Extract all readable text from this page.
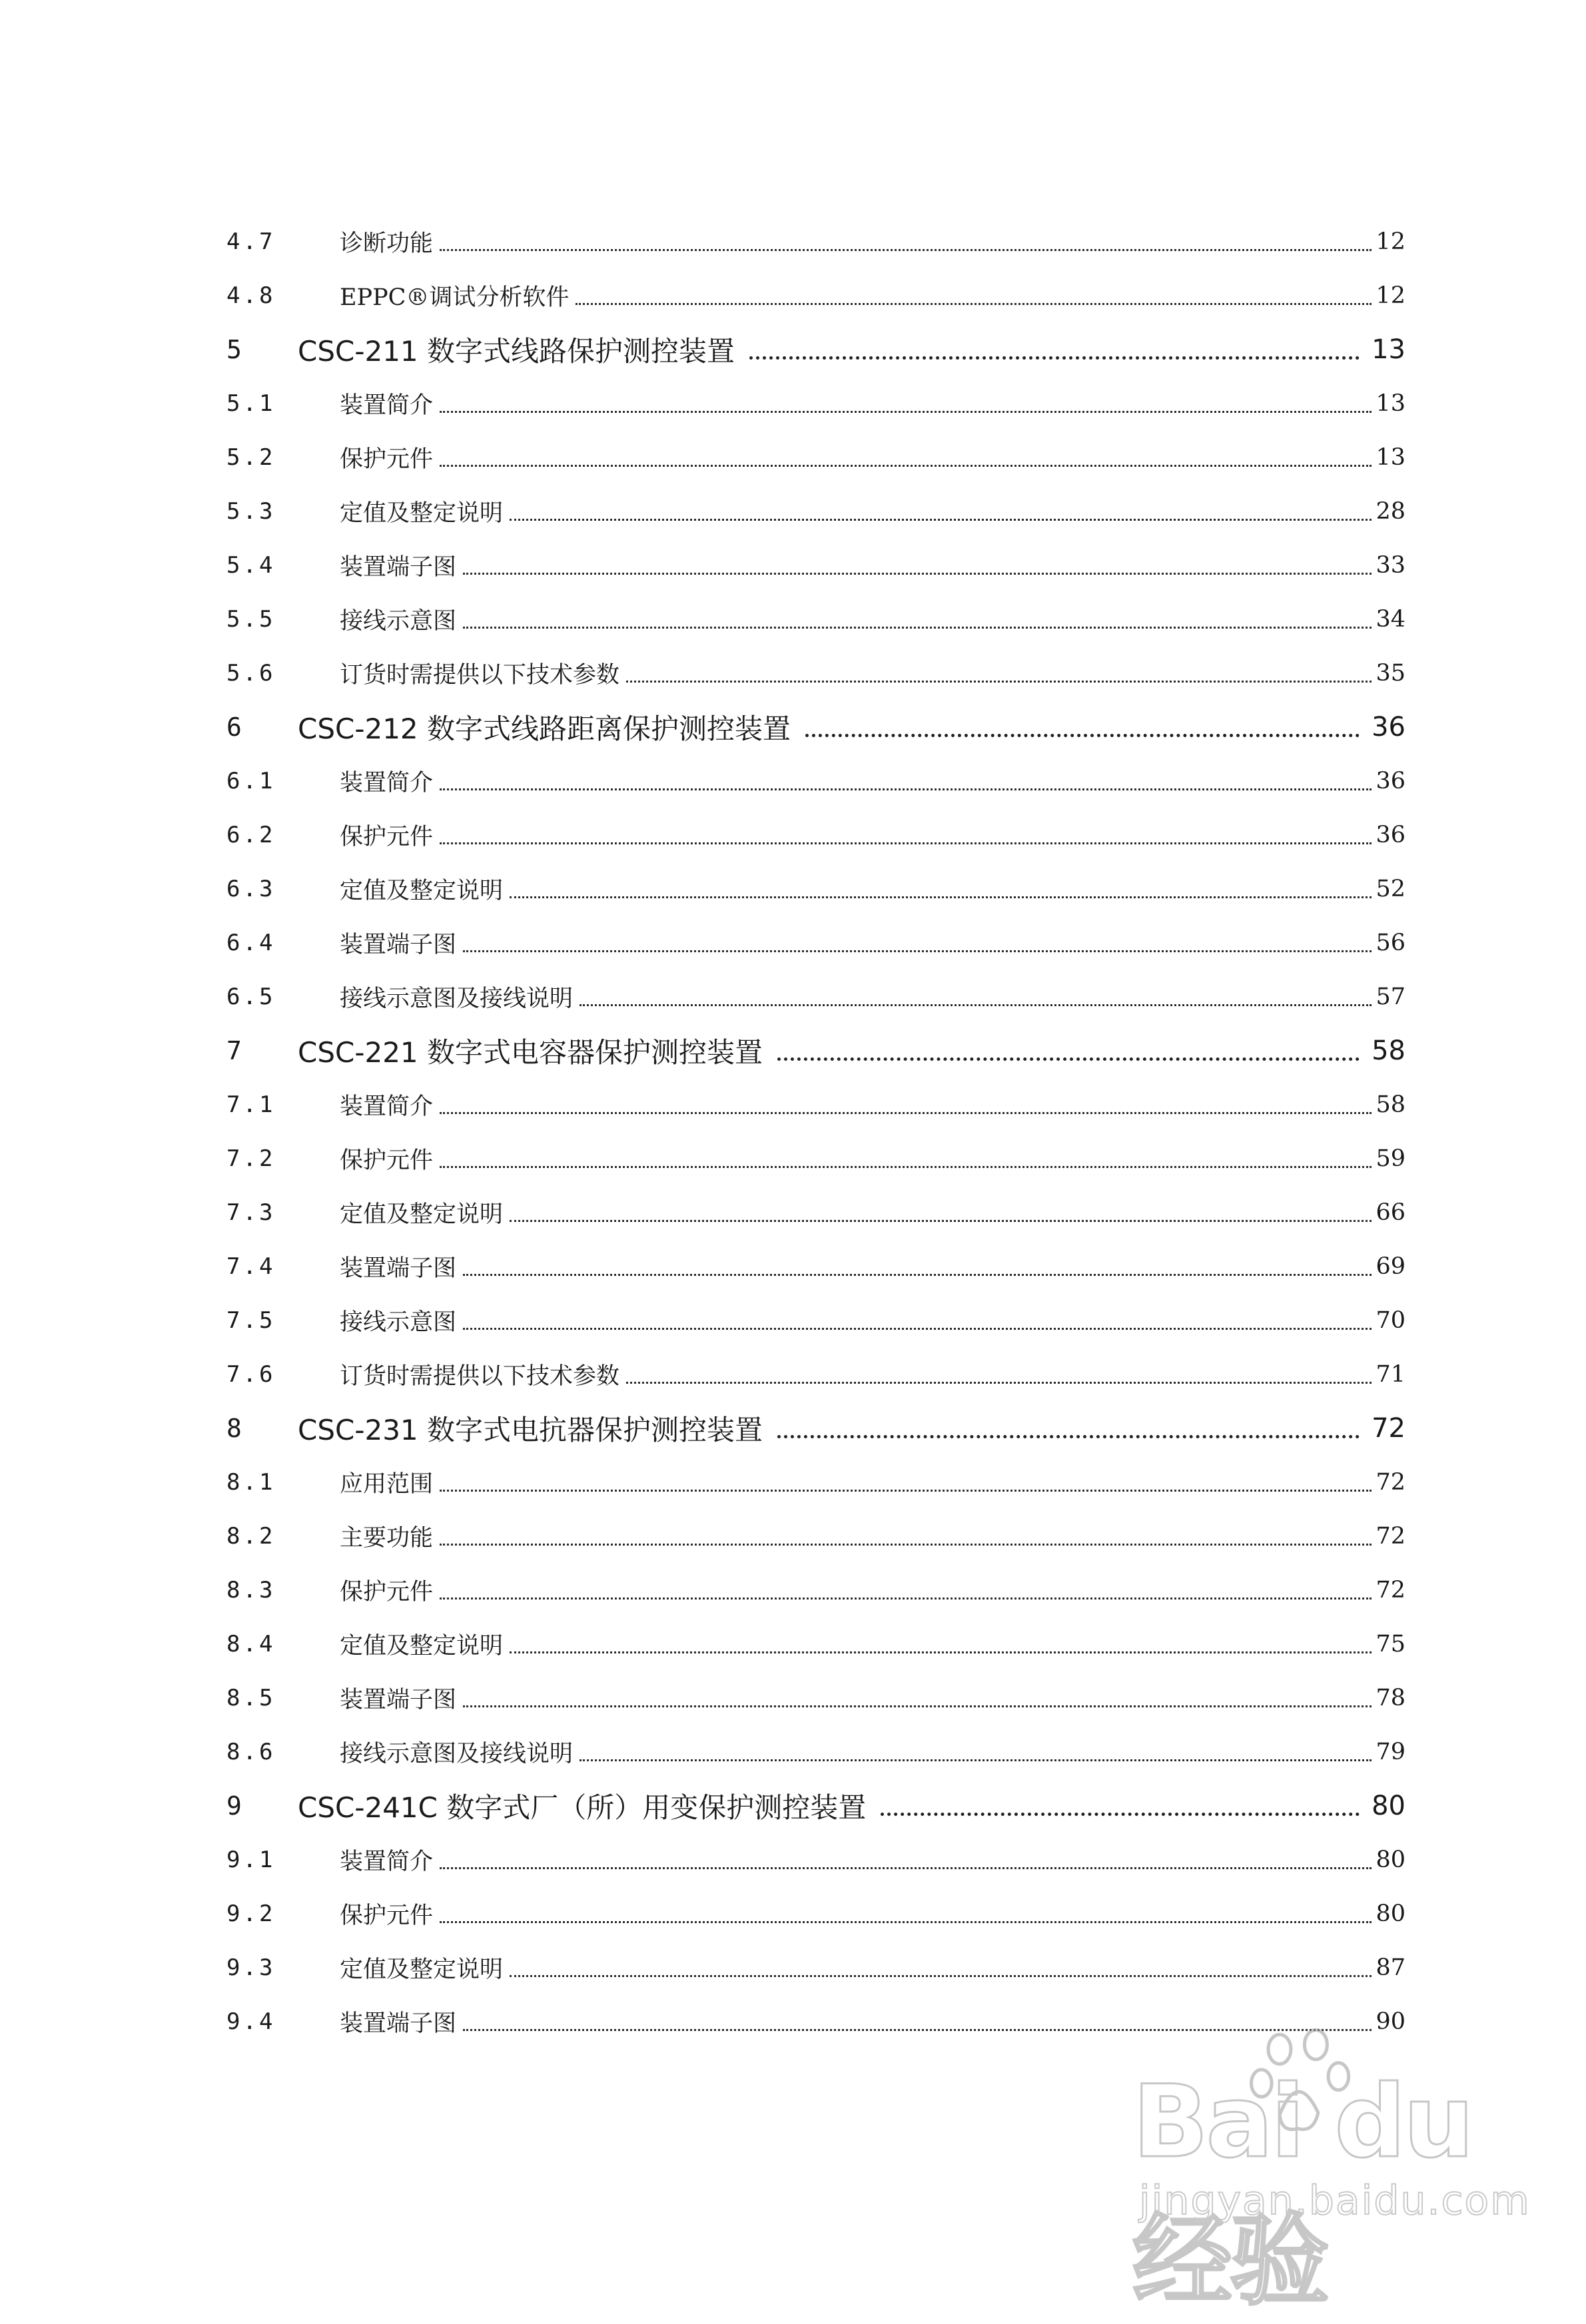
4.7	诊断功能	12
4.8	EPPC®调试分析软件	12
5	CSC-211 数字式线路保护测控装置	13
5.1	装置简介	13
5.2	保护元件	13
5.3	定值及整定说明	28
5.4	装置端子图	33
5.5	接线示意图	34
5.6	订货时需提供以下技术参数	35
6	CSC-212 数字式线路距离保护测控装置	36
6.1	装置简介	36
6.2	保护元件	36
6.3	定值及整定说明	52
6.4	装置端子图	56
6.5	接线示意图及接线说明	57
7	CSC-221 数字式电容器保护测控装置	58
7.1	装置简介	58
7.2	保护元件	59
7.3	定值及整定说明	66
7.4	装置端子图	69
7.5	接线示意图	70
7.6	订货时需提供以下技术参数	71
8	CSC-231 数字式电抗器保护测控装置	72
8.1	应用范围	72
8.2	主要功能	72
8.3	保护元件	72
8.4	定值及整定说明	75
8.5	装置端子图	78
8.6	接线示意图及接线说明	79
9	CSC-241C 数字式厂（所）用变保护测控装置	80
9.1	装置简介	80
9.2	保护元件	80
9.3	定值及整定说明	87
9.4	装置端子图	90
Bai du 经验
jingyan.baidu.com
